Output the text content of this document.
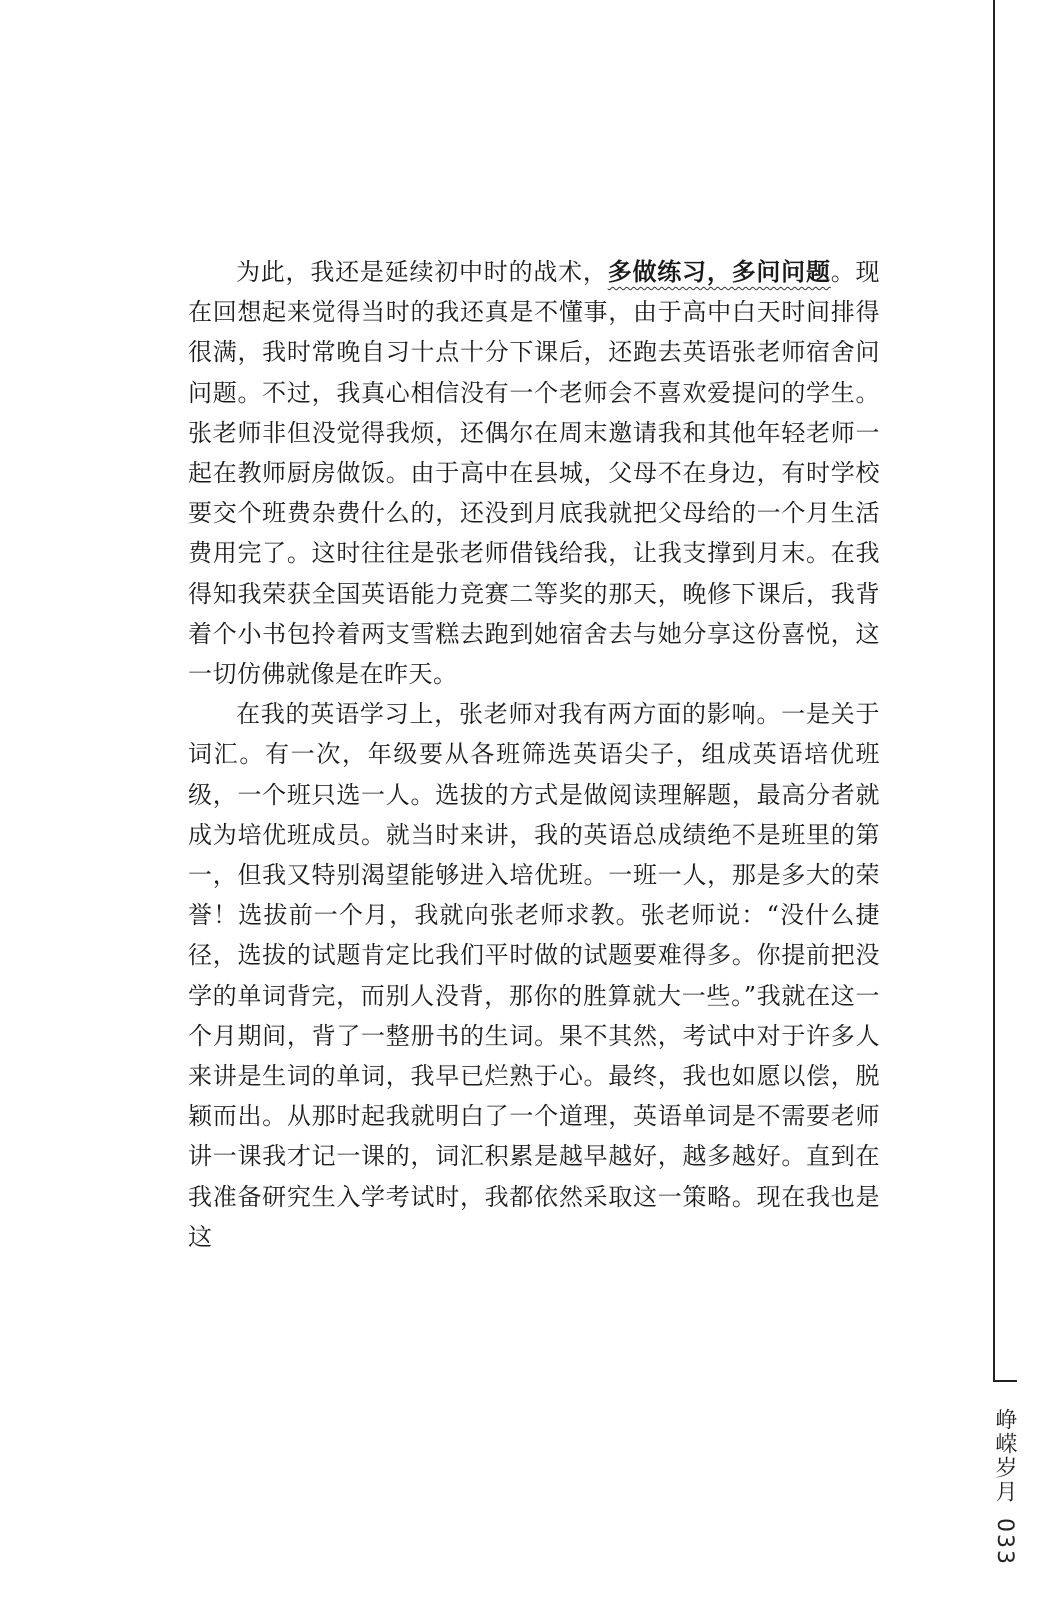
为此，我还是延续初中时的战术，多做练习，多问问题。现在回想起来觉得当时的我还真是不懂事，由于高中白天时间排得很满，我时常晚自习十点十分下课后，还跑去英语张老师宿舍问问题。不过，我真心相信没有一个老师会不喜欢爱提问的学生。张老师非但没觉得我烦，还偶尔在周末邀请我和其他年轻老师一起在教师厨房做饭。由于高中在县城，父母不在身边，有时学校要交个班费杂费什么的，还没到月底我就把父母给的一个月生活费用完了。这时往往是张老师借钱给我，让我支撑到月末。在我得知我荣获全国英语能力竞赛二等奖的那天，晚修下课后，我背着个小书包拎着两支雪糕去跑到她宿舍去与她分享这份喜悦，这一切仿佛就像是在昨天。

在我的英语学习上，张老师对我有两方面的影响。一是关于词汇。有一次，年级要从各班筛选英语尖子，组成英语培优班级，一个班只选一人。选拔的方式是做阅读理解题，最高分者就成为培优班成员。就当时来讲，我的英语总成绩绝不是班里的第一，但我又特别渴望能够进入培优班。一班一人，那是多大的荣誉！选拔前一个月，我就向张老师求教。张老师说：“没什么捷径，选拔的试题肯定比我们平时做的试题要难得多。你提前把没学的单词背完，而别人没背，那你的胜算就大一些。”我就在这一个月期间，背了一整册书的生词。果不其然，考试中对于许多人来讲是生词的单词，我早已烂熟于心。最终，我也如愿以偿，脱颖而出。从那时起我就明白了一个道理，英语单词是不需要老师讲一课我才记一课的，词汇积累是越早越好，越多越好。直到在我准备研究生入学考试时，我都依然采取这一策略。现在我也是这

峥嵘岁月033
